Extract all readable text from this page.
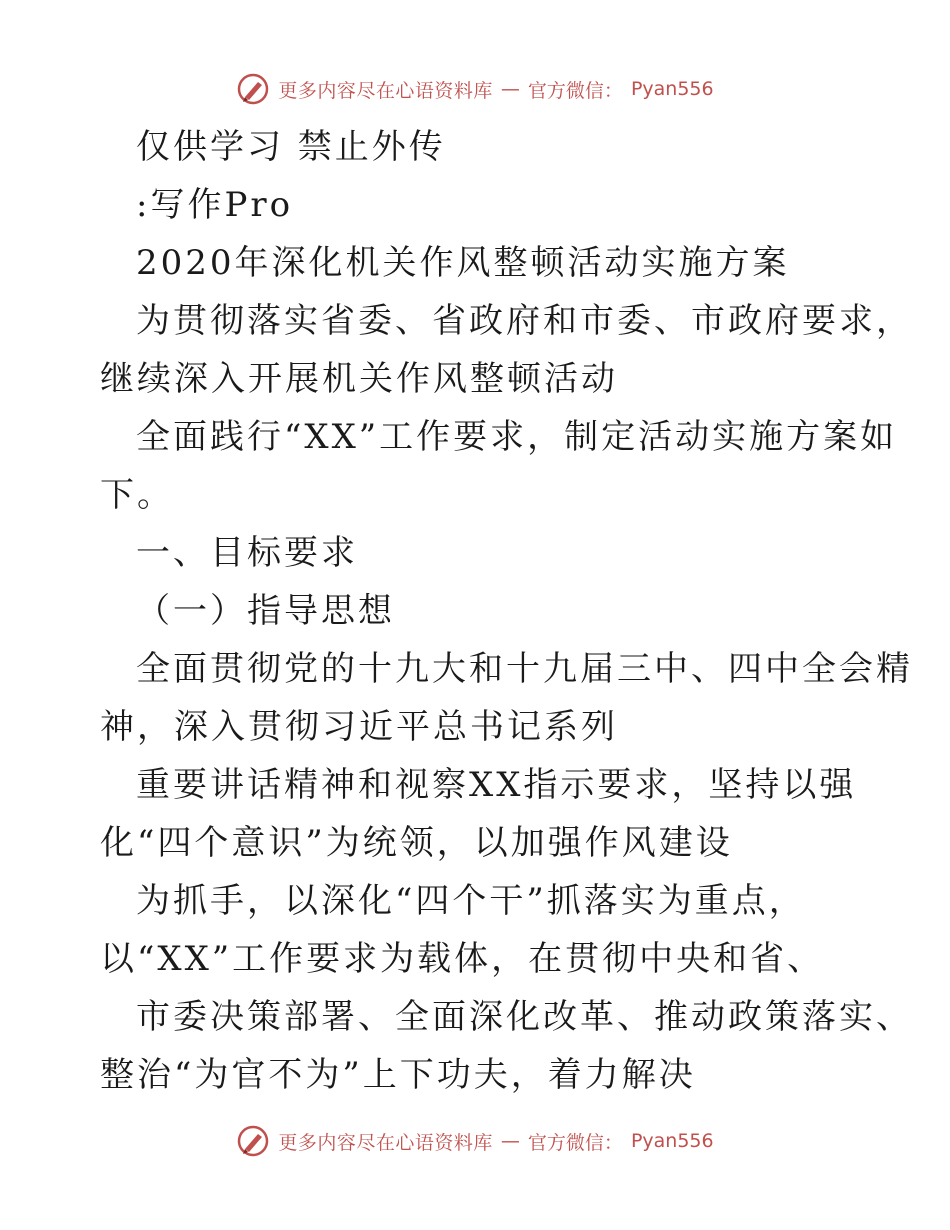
更多内容尽在心语资料库 — 官方微信： Pyan556
仅供学习 禁止外传
:写作Pro
2020年深化机关作风整顿活动实施方案
为贯彻落实省委、省政府和市委、市政府要求，
继续深入开展机关作风整顿活动
全面践行“XX”工作要求，制定活动实施方案如
下。
一、目标要求
（一）指导思想
全面贯彻党的十九大和十九届三中、四中全会精
神，深入贯彻习近平总书记系列
重要讲话精神和视察XX指示要求，坚持以强
化“四个意识”为统领，以加强作风建设
为抓手，以深化“四个干”抓落实为重点，
以“XX”工作要求为载体，在贯彻中央和省、
市委决策部署、全面深化改革、推动政策落实、
整治“为官不为”上下功夫，着力解决
更多内容尽在心语资料库 — 官方微信： Pyan556
